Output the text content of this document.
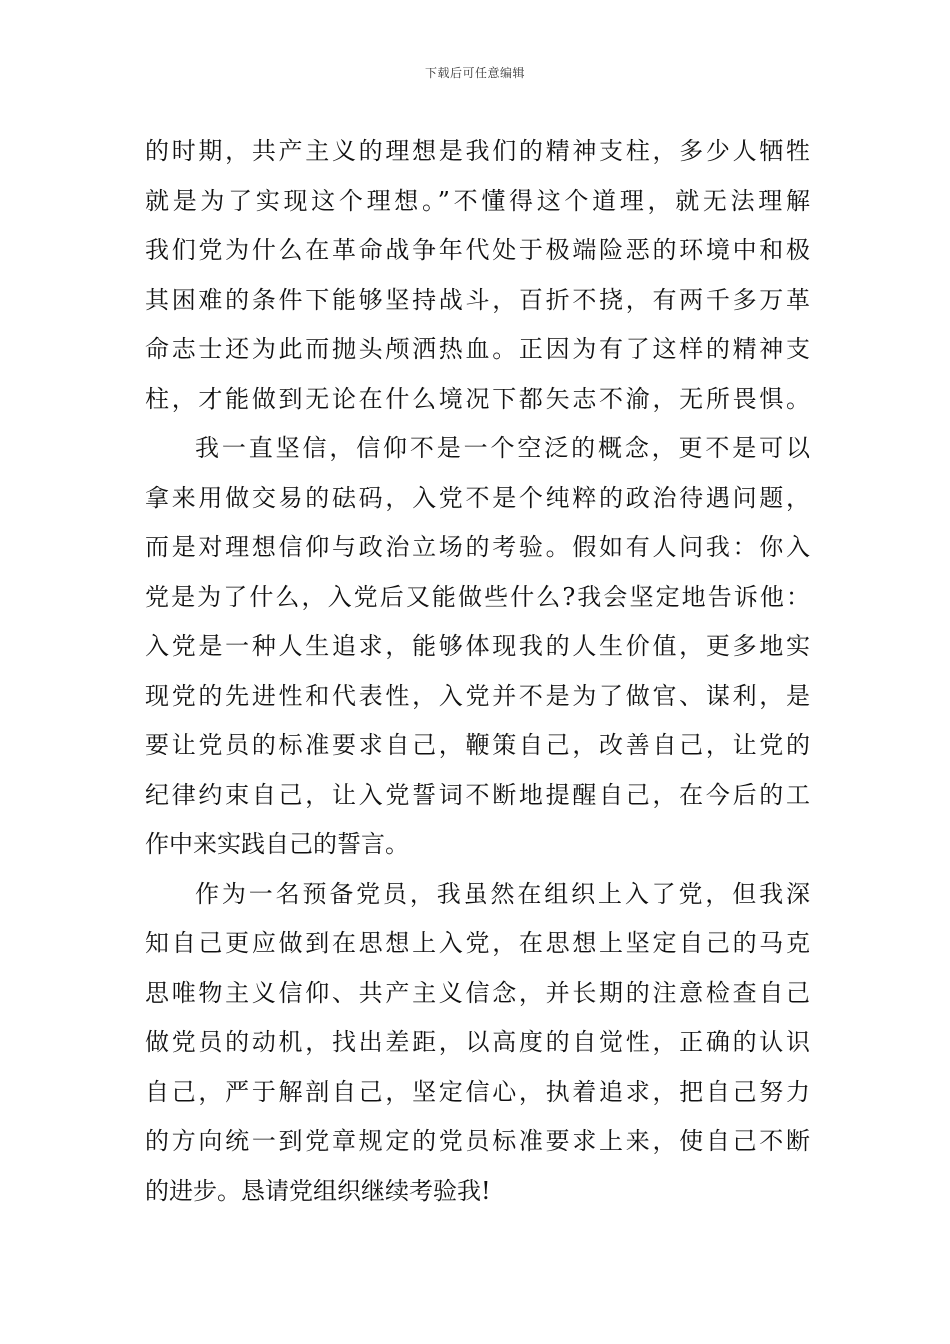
下载后可任意编辑
的时期，共产主义的理想是我们的精神支柱，多少人牺牲
就是为了实现这个理想。”不懂得这个道理，就无法理解
我们党为什么在革命战争年代处于极端险恶的环境中和极
其困难的条件下能够坚持战斗，百折不挠，有两千多万革
命志士还为此而抛头颅洒热血。正因为有了这样的精神支
柱，才能做到无论在什么境况下都矢志不渝，无所畏惧。
我一直坚信，信仰不是一个空泛的概念，更不是可以
拿来用做交易的砝码，入党不是个纯粹的政治待遇问题，
而是对理想信仰与政治立场的考验。假如有人问我：你入
党是为了什么，入党后又能做些什么?我会坚定地告诉他：
入党是一种人生追求，能够体现我的人生价值，更多地实
现党的先进性和代表性，入党并不是为了做官、谋利，是
要让党员的标准要求自己，鞭策自己，改善自己，让党的
纪律约束自己，让入党誓词不断地提醒自己，在今后的工
作中来实践自己的誓言。
作为一名预备党员，我虽然在组织上入了党，但我深
知自己更应做到在思想上入党，在思想上坚定自己的马克
思唯物主义信仰、共产主义信念，并长期的注意检查自己
做党员的动机，找出差距，以高度的自觉性，正确的认识
自己，严于解剖自己，坚定信心，执着追求，把自己努力
的方向统一到党章规定的党员标准要求上来，使自己不断
的进步。恳请党组织继续考验我!
